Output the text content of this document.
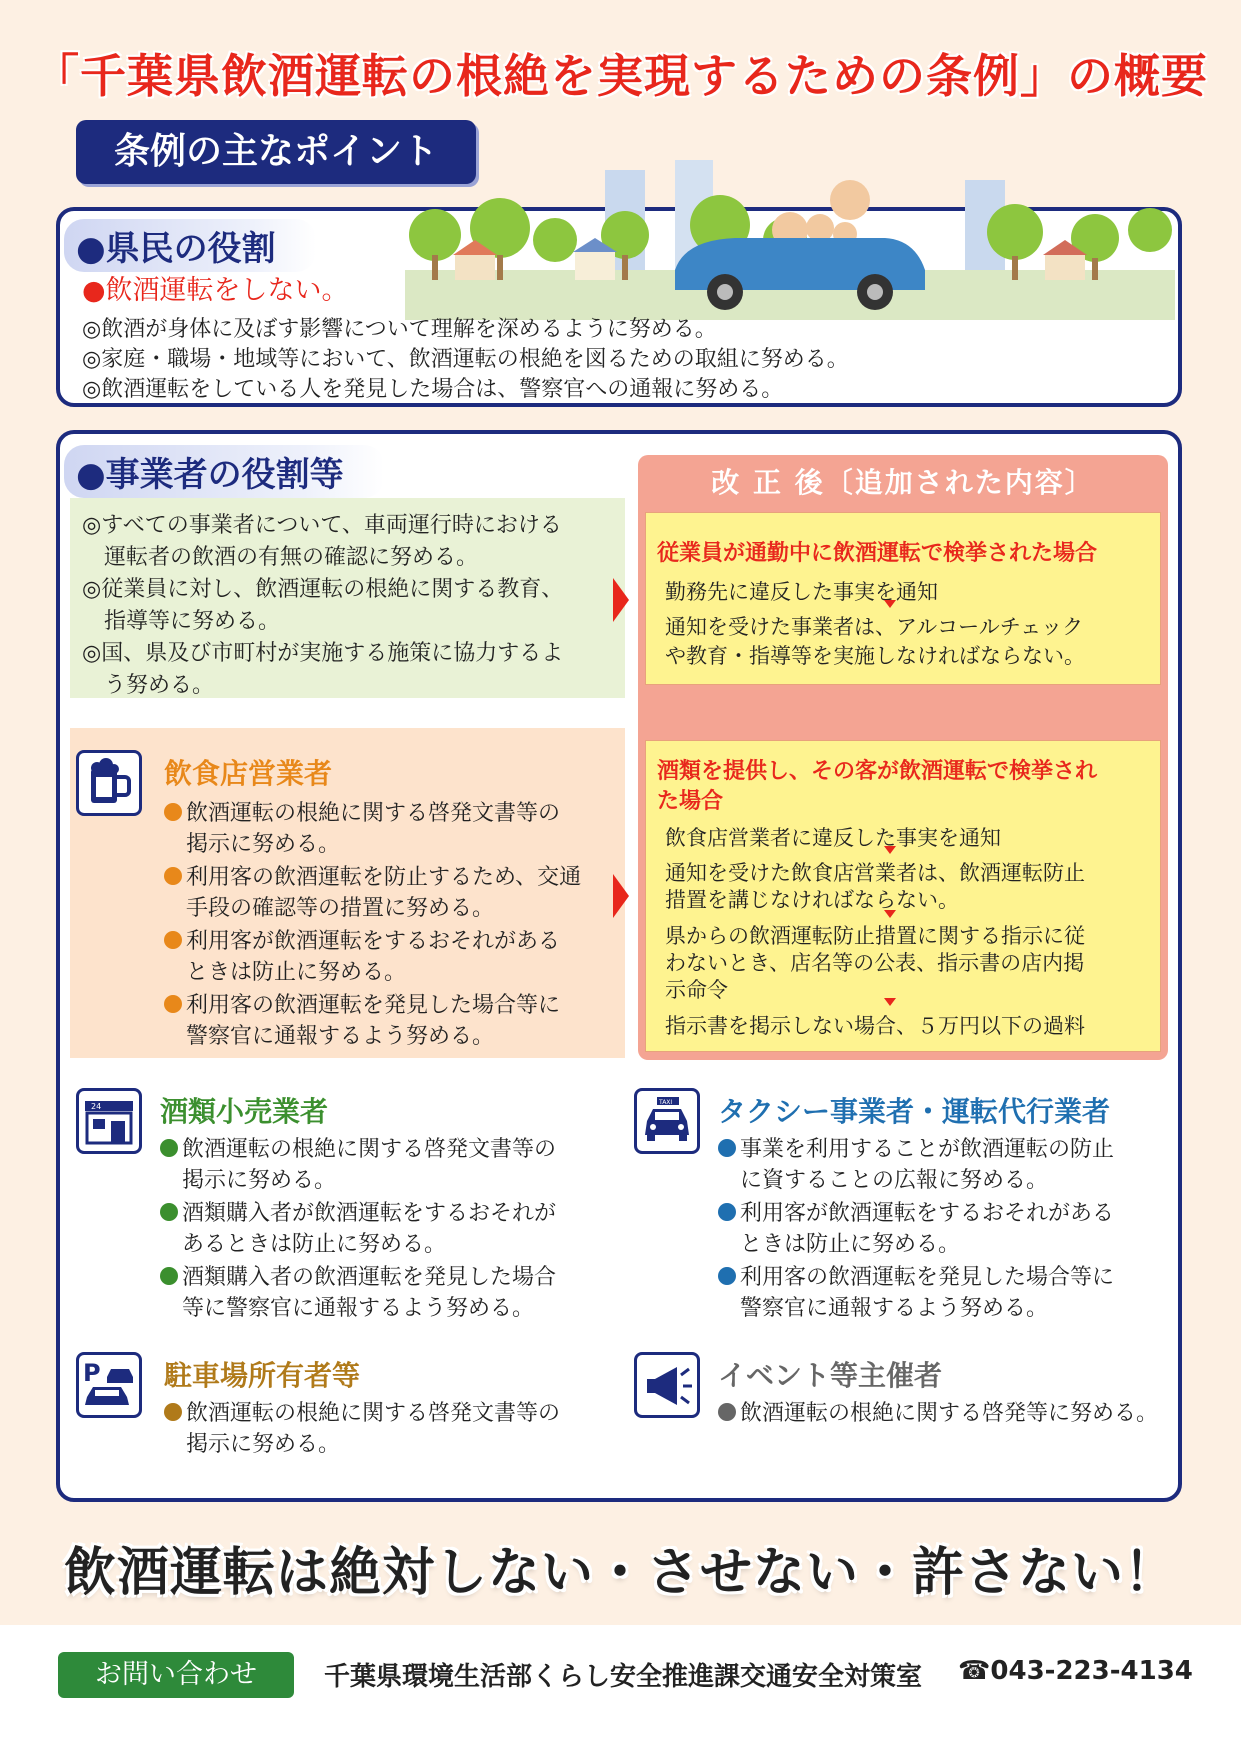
「千葉県飲酒運転の根絶を実現するための条例」の概要
条例の主なポイント
●県民の役割
●飲酒運転をしない。
◎飲酒が身体に及ぼす影響について理解を深めるように努める。
◎家庭・職場・地域等において、飲酒運転の根絶を図るための取組に努める。
◎飲酒運転をしている人を発見した場合は、警察官への通報に努める。
●事業者の役割等
◎すべての事業者について、車両運行時における
　運転者の飲酒の有無の確認に努める。
◎従業員に対し、飲酒運転の根絶に関する教育、
　指導等に努める。
◎国、県及び市町村が実施する施策に協力するよ
　う努める。
改 正 後〔追加された内容〕
従業員が通勤中に飲酒運転で検挙された場合
勤務先に違反した事実を通知
通知を受けた事業者は、アルコールチェック
や教育・指導等を実施しなければならない。
酒類を提供し、その客が飲酒運転で検挙され
た場合
飲食店営業者に違反した事実を通知
通知を受けた飲食店営業者は、飲酒運転防止
措置を講じなければならない。
県からの飲酒運転防止措置に関する指示に従
わないとき、店名等の公表、指示書の店内掲
示命令
指示書を掲示しない場合、５万円以下の過料
飲食店営業者
飲酒運転の根絶に関する啓発文書等の
掲示に努める。
利用客の飲酒運転を防止するため、交通
手段の確認等の措置に努める。
利用客が飲酒運転をするおそれがある
ときは防止に努める。
利用客の飲酒運転を発見した場合等に
警察官に通報するよう努める。
24 酒類小売業者
飲酒運転の根絶に関する啓発文書等の
掲示に努める。
酒類購入者が飲酒運転をするおそれが
あるときは防止に努める。
酒類購入者の飲酒運転を発見した場合
等に警察官に通報するよう努める。
TAXI タクシー事業者・運転代行業者
事業を利用することが飲酒運転の防止
に資することの広報に努める。
利用客が飲酒運転をするおそれがある
ときは防止に努める。
利用客の飲酒運転を発見した場合等に
警察官に通報するよう努める。
P 駐車場所有者等
飲酒運転の根絶に関する啓発文書等の
掲示に努める。
イベント等主催者
飲酒運転の根絶に関する啓発等に努める。
飲酒運転は絶対しない・させない・許さない！
お問い合わせ	千葉県環境生活部くらし安全推進課交通安全対策室 ☎043-223-4134
